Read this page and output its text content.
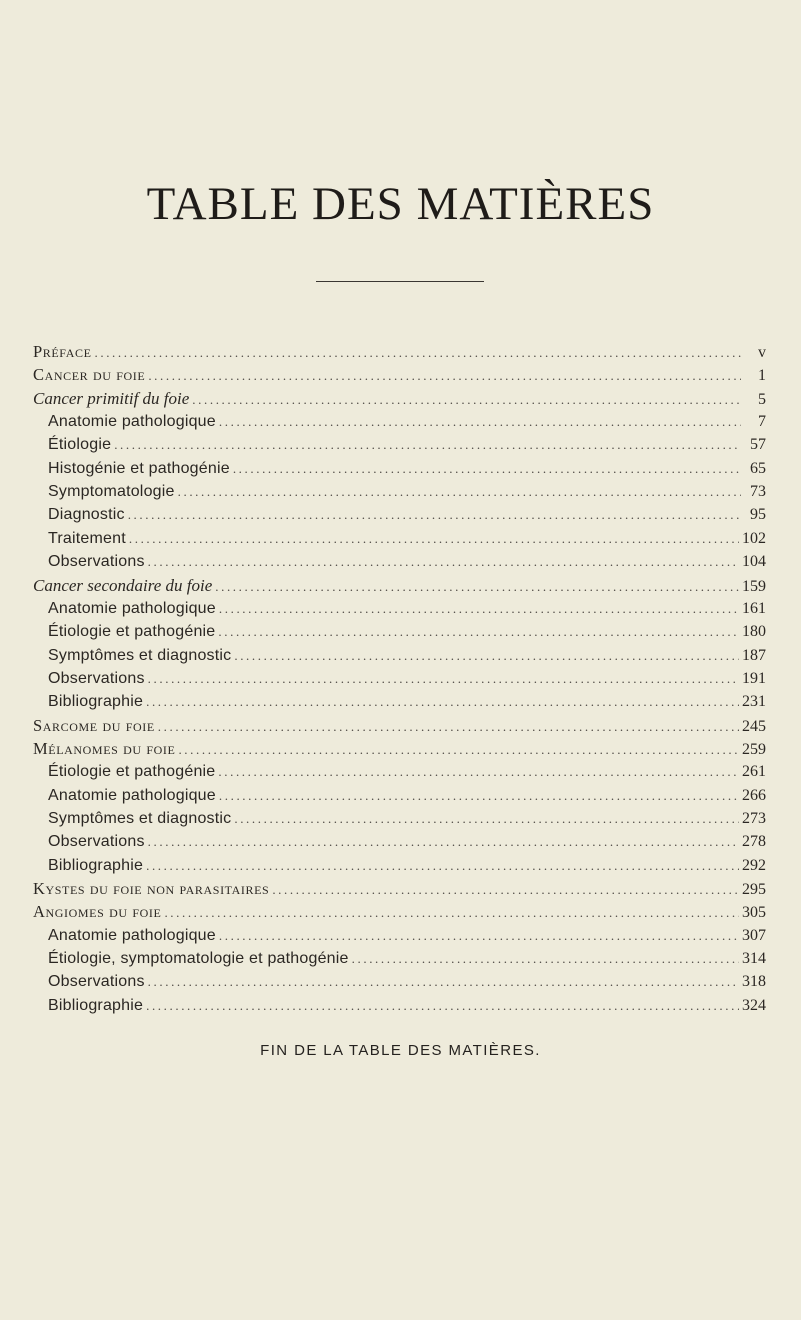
TABLE DES MATIÈRES
Préface .....	v
Cancer du foie .....	1
Cancer primitif du foie .....	5
Anatomie pathologique .....	7
Étiologie .....	57
Histogénie et pathogénie .....	65
Symptomatologie .....	73
Diagnostic .....	95
Traitement .....	102
Observations .....	104
Cancer secondaire du foie .....	159
Anatomie pathologique .....	161
Étiologie et pathogénie .....	180
Symptômes et diagnostic .....	187
Observations .....	191
Bibliographie .....	231
Sarcome du foie .....	245
Mélanomes du foie .....	259
Étiologie et pathogénie .....	261
Anatomie pathologique .....	266
Symptômes et diagnostic .....	273
Observations .....	278
Bibliographie .....	292
Kystes du foie non parasitaires .....	295
Angiomes du foie .....	305
Anatomie pathologique .....	307
Étiologie, symptomatologie et pathogénie .....	314
Observations .....	318
Bibliographie .....	324
FIN DE LA TABLE DES MATIÈRES.
